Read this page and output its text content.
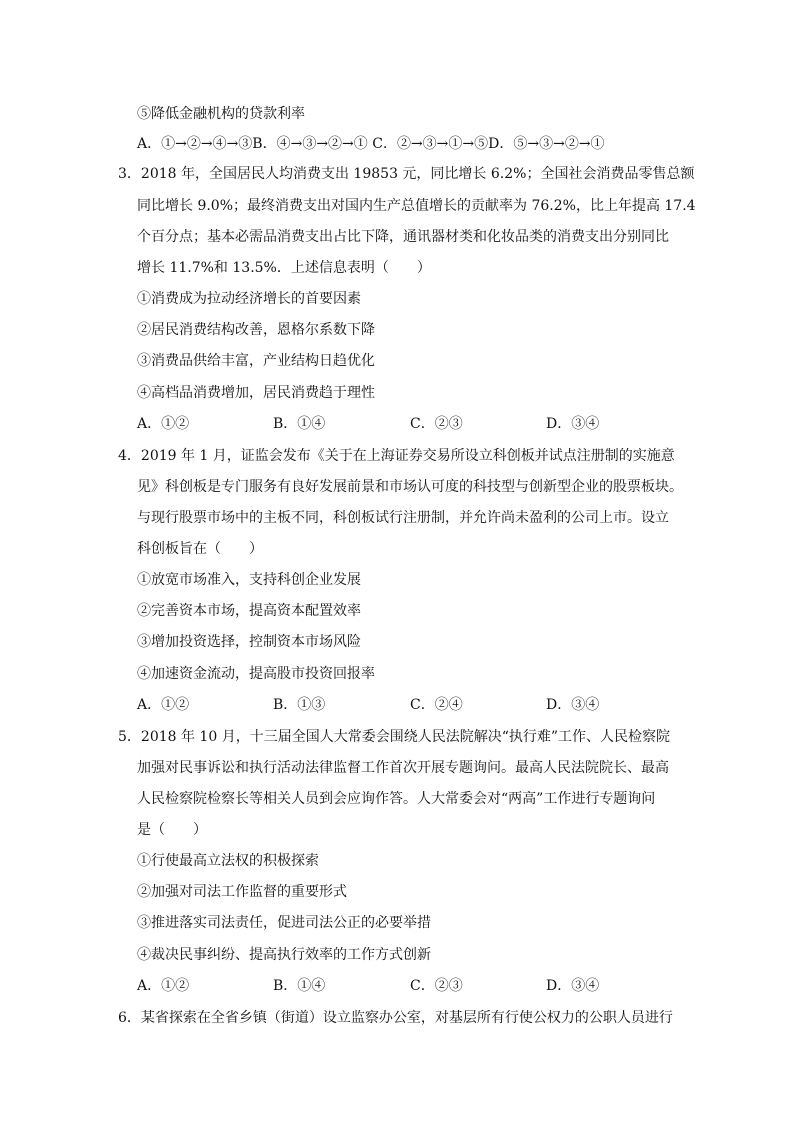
⑤降低金融机构的贷款利率
A．①→②→④→③B．④→③→②→① C．②→③→①→⑤D．⑤→③→②→①
3．2018 年，全国居民人均消费支出 19853 元，同比增长 6.2%；全国社会消费品零售总额
同比增长 9.0%；最终消费支出对国内生产总值增长的贡献率为 76.2%，比上年提高 17.4
个百分点；基本必需品消费支出占比下降，通讯器材类和化妆品类的消费支出分别同比
增长 11.7%和 13.5%．上述信息表明（　　）
①消费成为拉动经济增长的首要因素
②居民消费结构改善，恩格尔系数下降
③消费品供给丰富，产业结构日趋优化
④高档品消费增加，居民消费趋于理性
A．①②	B．①④	C．②③	D．③④
4．2019 年 1 月，证监会发布《关于在上海证券交易所设立科创板并试点注册制的实施意
见》科创板是专门服务有良好发展前景和市场认可度的科技型与创新型企业的股票板块。
与现行股票市场中的主板不同，科创板试行注册制，并允许尚未盈利的公司上市。设立
科创板旨在（　　）
①放宽市场准入，支持科创企业发展
②完善资本市场，提高资本配置效率
③增加投资选择，控制资本市场风险
④加速资金流动，提高股市投资回报率
A．①②	B．①③	C．②④	D．③④
5．2018 年 10 月，十三届全国人大常委会围绕人民法院解决“执行难”工作、人民检察院
加强对民事诉讼和执行活动法律监督工作首次开展专题询问。最高人民法院院长、最高
人民检察院检察长等相关人员到会应询作答。人大常委会对“两高”工作进行专题询问
是（　　）
①行使最高立法权的积极探索
②加强对司法工作监督的重要形式
③推进落实司法责任，促进司法公正的必要举措
④裁决民事纠纷、提高执行效率的工作方式创新
A．①②	B．①④	C．②③	D．③④
6．某省探索在全省乡镇（街道）设立监察办公室，对基层所有行使公权力的公职人员进行
